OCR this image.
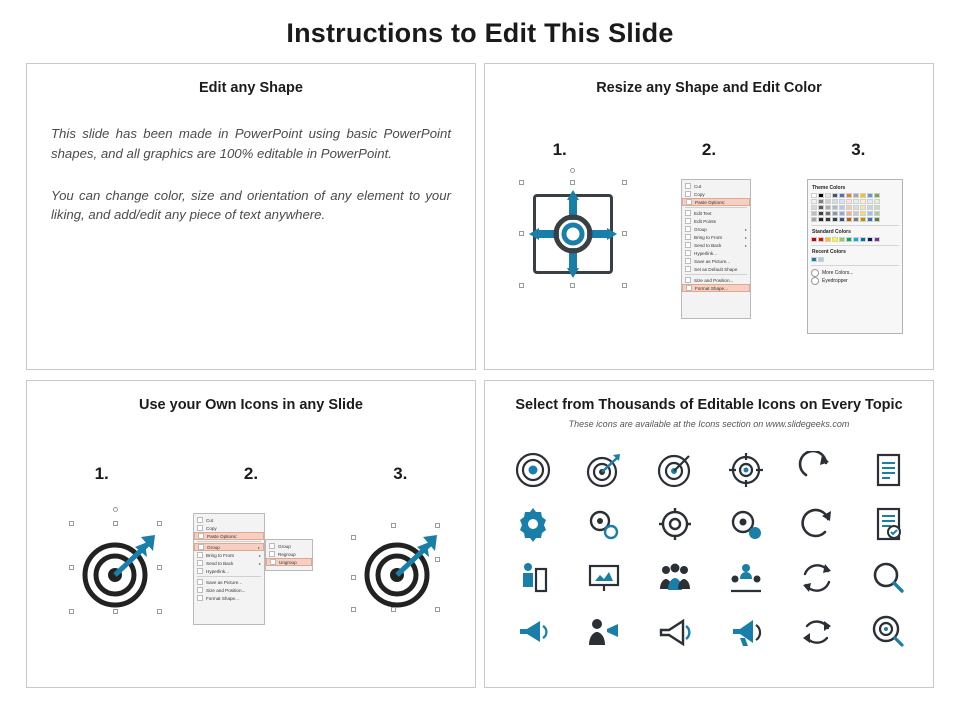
Instructions to Edit This Slide
Edit any Shape
This slide has been made in PowerPoint using basic PowerPoint shapes, and all graphics are 100% editable in PowerPoint.
You can change color, size and orientation of any element to your liking, and add/edit any piece of text anywhere.
Resize any Shape and Edit Color
1.	2.	3.
Cut
Copy
Paste Options:
Edit Text
Edit Points
Group	▸
Bring to Front	▸
Send to Back	▸
Hyperlink...
Save as Picture...
Set as Default Shape
Size and Position...
Format Shape...
Theme Colors
Standard Colors
Recent Colors
More Colors...
Eyedropper
Use your Own Icons in any Slide
1.	2.	3.
Cut
Copy
Paste Options:
Group	▸
Bring to Front	▸
Send to Back	▸
Hyperlink...
Save as Picture...
Size and Position...
Format Shape...
Group
Regroup
Ungroup
Select from Thousands of Editable Icons on Every Topic
These icons are available at the Icons section on www.slidegeeks.com
